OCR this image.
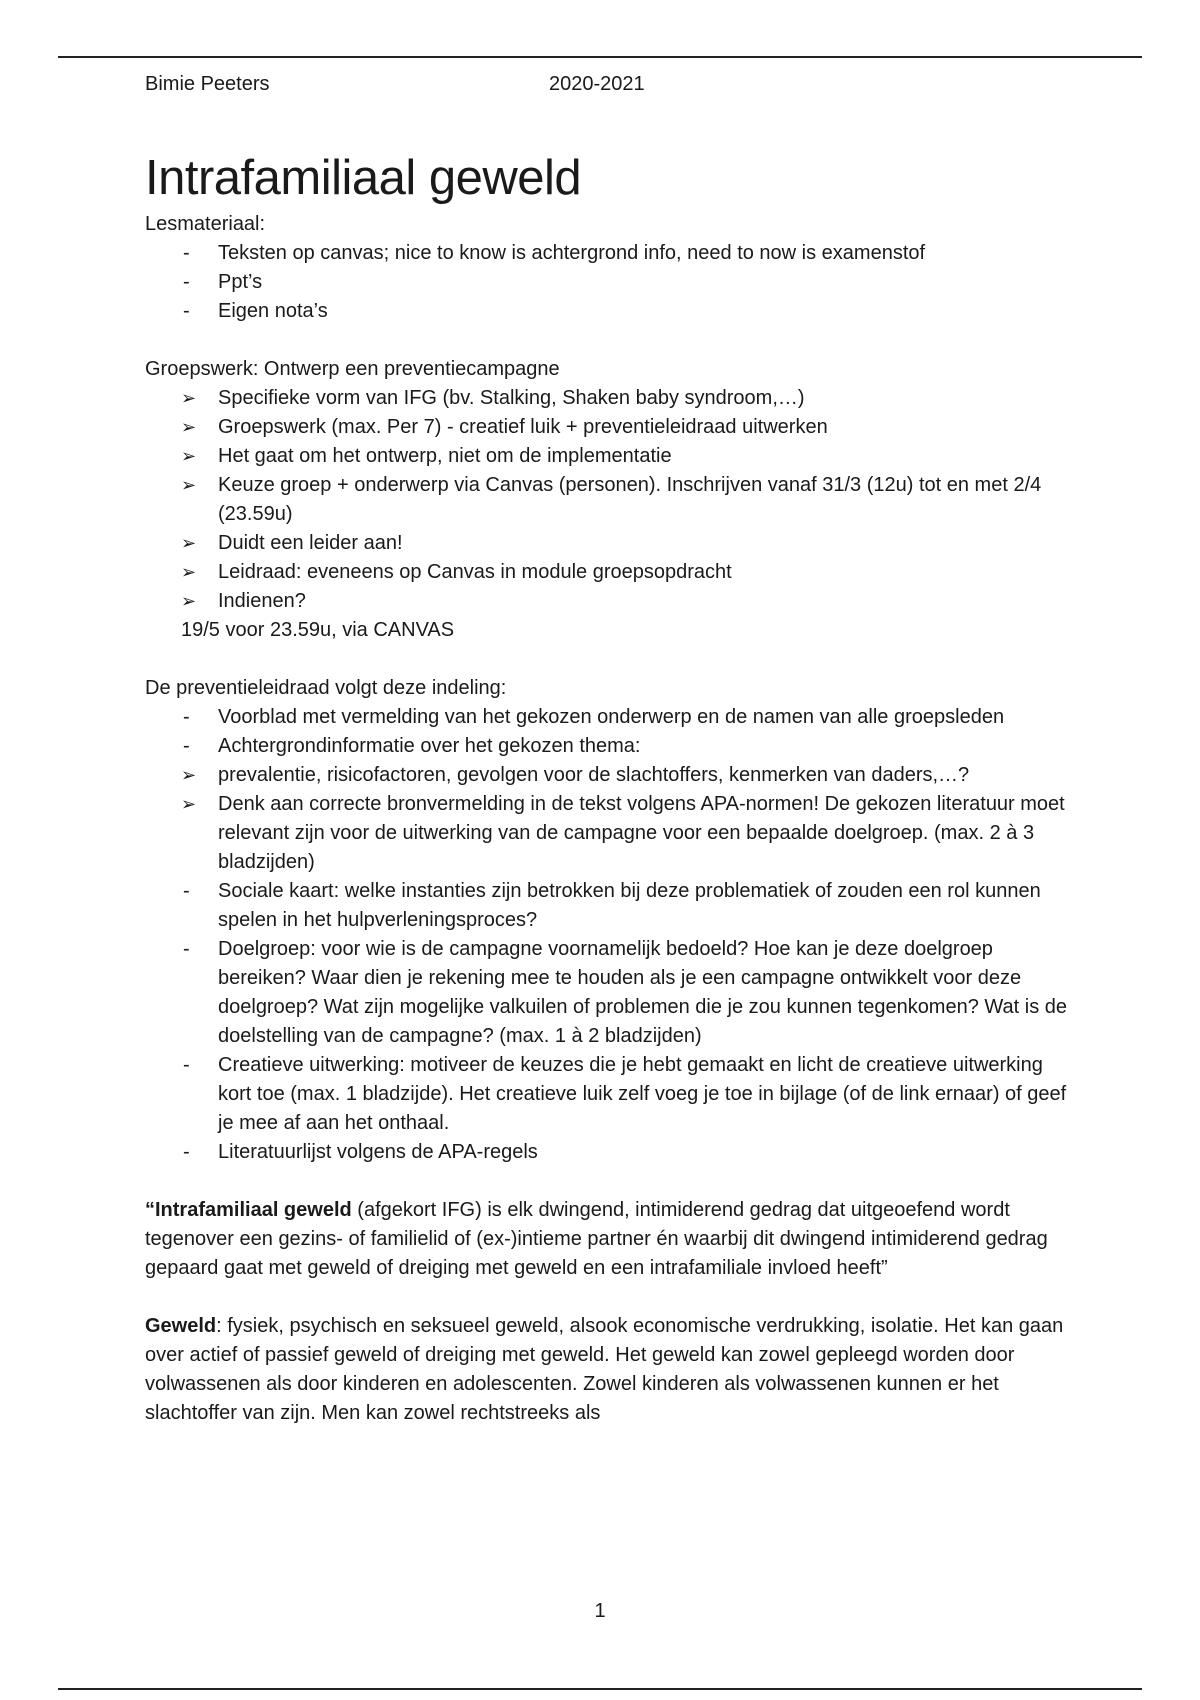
Bimie Peeters	2020-2021
Intrafamiliaal geweld

Lesmateriaal:

- Teksten op canvas; nice to know is achtergrond info, need to now is examenstof
- Ppt’s
- Eigen nota’s

Groepswerk: Ontwerp een preventiecampagne

➢ Specifieke vorm van IFG (bv. Stalking, Shaken baby syndroom,…)
➢ Groepswerk (max. Per 7) - creatief luik + preventieleidraad uitwerken
➢ Het gaat om het ontwerp, niet om de implementatie
➢ Keuze groep + onderwerp via Canvas (personen). Inschrijven vanaf 31/3 (12u) tot en met 2/4 (23.59u)
➢ Duidt een leider aan!
➢ Leidraad: eveneens op Canvas in module groepsopdracht
➢ Indienen?

19/5 voor 23.59u, via CANVAS

De preventieleidraad volgt deze indeling:

- Voorblad met vermelding van het gekozen onderwerp en de namen van alle groepsleden
- Achtergrondinformatie over het gekozen thema:
➢ prevalentie, risicofactoren, gevolgen voor de slachtoffers, kenmerken van daders,…?
➢ Denk aan correcte bronvermelding in de tekst volgens APA-normen! De gekozen literatuur moet relevant zijn voor de uitwerking van de campagne voor een bepaalde doelgroep. (max. 2 à 3 bladzijden)
- Sociale kaart: welke instanties zijn betrokken bij deze problematiek of zouden een rol kunnen spelen in het hulpverleningsproces?
- Doelgroep: voor wie is de campagne voornamelijk bedoeld? Hoe kan je deze doelgroep bereiken? Waar dien je rekening mee te houden als je een campagne ontwikkelt voor deze doelgroep? Wat zijn mogelijke valkuilen of problemen die je zou kunnen tegenkomen? Wat is de doelstelling van de campagne? (max. 1 à 2 bladzijden)
- Creatieve uitwerking: motiveer de keuzes die je hebt gemaakt en licht de creatieve uitwerking kort toe (max. 1 bladzijde). Het creatieve luik zelf voeg je toe in bijlage (of de link ernaar) of geef je mee af aan het onthaal.
- Literatuurlijst volgens de APA-regels

“Intrafamiliaal geweld (afgekort IFG) is elk dwingend, intimiderend gedrag dat uitgeoefend wordt tegenover een gezins- of familielid of (ex-)intieme partner én waarbij dit dwingend intimiderend gedrag gepaard gaat met geweld of dreiging met geweld en een intrafamiliale invloed heeft”

Geweld: fysiek, psychisch en seksueel geweld, alsook economische verdrukking, isolatie. Het kan gaan over actief of passief geweld of dreiging met geweld. Het geweld kan zowel gepleegd worden door volwassenen als door kinderen en adolescenten. Zowel kinderen als volwassenen kunnen er het slachtoffer van zijn. Men kan zowel rechtstreeks als

1
